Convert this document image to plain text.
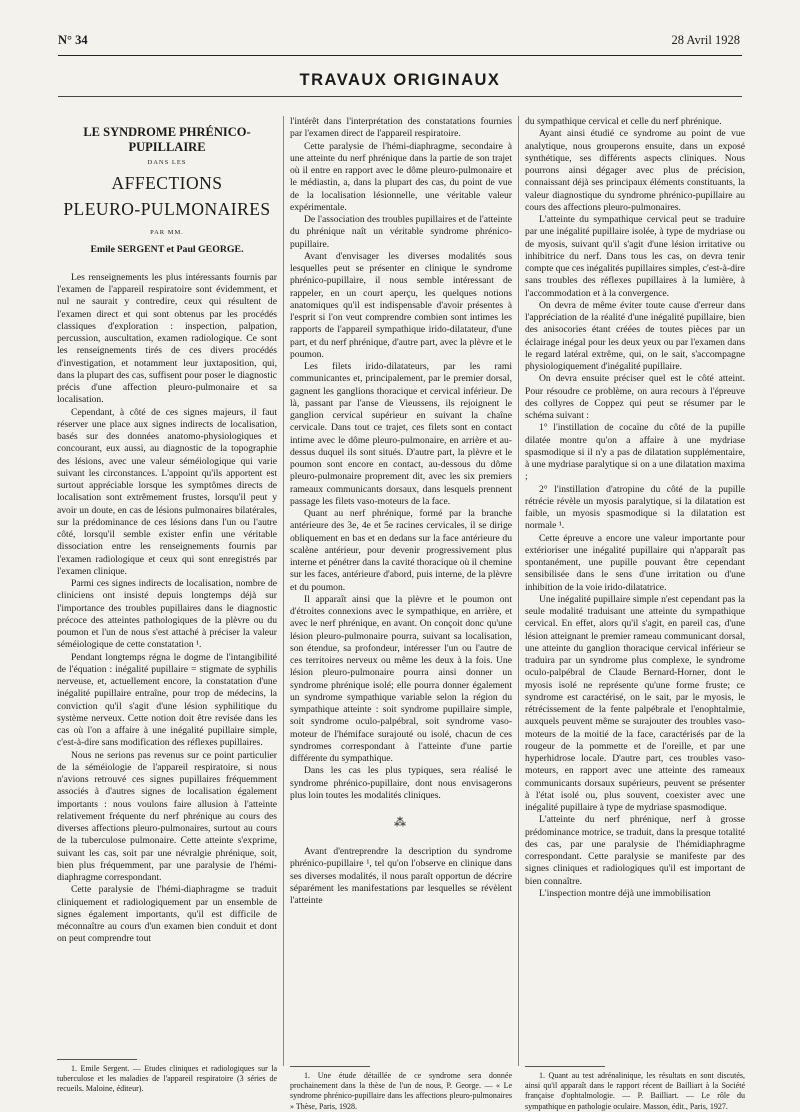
N° 34	28 Avril 1928
TRAVAUX ORIGINAUX
LE SYNDROME PHRÉNICO-PUPILLAIRE
DANS LES
AFFECTIONS
PLEURO-PULMONAIRES
PAR MM.
Emile SERGENT et Paul GEORGE.

Les renseignements les plus intéressants fournis par l'examen de l'appareil respiratoire sont évidemment, et nul ne saurait y contredire, ceux qui résultent de l'examen direct et qui sont obtenus par les procédés classiques d'exploration : inspection, palpation, percussion, auscultation, examen radiologique. Ce sont les renseignements tirés de ces divers procédés d'investigation, et notamment leur juxtaposition, qui, dans la plupart des cas, suffisent pour poser le diagnostic précis d'une affection pleuro-pulmonaire et sa localisation.

Cependant, à côté de ces signes majeurs, il faut réserver une place aux signes indirects de localisation, basés sur des données anatomo-physiologiques et concourant, eux aussi, au diagnostic de la topographie des lésions, avec une valeur séméiologique qui varie suivant les circonstances. L'appoint qu'ils apportent est surtout appréciable lorsque les symptômes directs de localisation sont extrêmement frustes, lorsqu'il peut y avoir un doute, en cas de lésions pulmonaires bilatérales, sur la prédominance de ces lésions dans l'un ou l'autre côté, lorsqu'il semble exister enfin une véritable dissociation entre les renseignements fournis par l'examen radiologique et ceux qui sont enregistrés par l'examen clinique.

Parmi ces signes indirects de localisation, nombre de cliniciens ont insisté depuis longtemps déjà sur l'importance des troubles pupillaires dans le diagnostic précoce des atteintes pathologiques de la plèvre ou du poumon et l'un de nous s'est attaché à préciser la valeur séméiologique de cette constatation ¹.

Pendant longtemps régna le dogme de l'intangibilité de l'équation : inégalité pupillaire = stigmate de syphilis nerveuse, et, actuellement encore, la constatation d'une inégalité pupillaire entraîne, pour trop de médecins, la conviction qu'il s'agit d'une lésion syphilitique du système nerveux. Cette notion doit être revisée dans les cas où l'on a affaire à une inégalité pupillaire simple, c'est-à-dire sans modification des réflexes pupillaires.

Nous ne serions pas revenus sur ce point particulier de la séméiologie de l'appareil respiratoire, si nous n'avions retrouvé ces signes pupillaires fréquemment associés à d'autres signes de localisation également importants : nous voulons faire allusion à l'atteinte relativement fréquente du nerf phrénique au cours des diverses affections pleuro-pulmonaires, surtout au cours de la tuberculose pulmonaire. Cette atteinte s'exprime, suivant les cas, soit par une névralgie phrénique, soit, bien plus fréquemment, par une paralysie de l'hémi-diaphragme correspondant.

Cette paralysie de l'hémi-diaphragme se traduit cliniquement et radiologiquement par un ensemble de signes également importants, qu'il est difficile de méconnaître au cours d'un examen bien conduit et dont on peut comprendre tout

1. Emile Sergent. — Etudes cliniques et radiologiques sur la tuberculose et les maladies de l'appareil respiratoire (3 séries de recueils. Maloine, éditeur).

l'intérêt dans l'interprétation des constatations fournies par l'examen direct de l'appareil respiratoire.

Cette paralysie de l'hémi-diaphragme, secondaire à une atteinte du nerf phrénique dans la partie de son trajet où il entre en rapport avec le dôme pleuro-pulmonaire et le médiastin, a, dans la plupart des cas, du point de vue de la localisation lésionnelle, une véritable valeur expérimentale.

De l'association des troubles pupillaires et de l'atteinte du phrénique naît un véritable syndrome phrénico-pupillaire.

Avant d'envisager les diverses modalités sous lesquelles peut se présenter en clinique le syndrome phrénico-pupillaire, il nous semble intéressant de rappeler, en un court aperçu, les quelques notions anatomiques qu'il est indispensable d'avoir présentes à l'esprit si l'on veut comprendre combien sont intimes les rapports de l'appareil sympathique irido-dilatateur, d'une part, et du nerf phrénique, d'autre part, avec la plèvre et le poumon.

Les filets irido-dilatateurs, par les rami communicantes et, principalement, par le premier dorsal, gagnent les ganglions thoracique et cervical inférieur. De là, passant par l'anse de Vieussens, ils rejoignent le ganglion cervical supérieur en suivant la chaîne cervicale. Dans tout ce trajet, ces filets sont en contact intime avec le dôme pleuro-pulmonaire, en arrière et au-dessus duquel ils sont situés. D'autre part, la plèvre et le poumon sont encore en contact, au-dessous du dôme pleuro-pulmonaire proprement dit, avec les six premiers rameaux communicants dorsaux, dans lesquels prennent passage les filets vaso-moteurs de la face.

Quant au nerf phrénique, formé par la branche antérieure des 3e, 4e et 5e racines cervicales, il se dirige obliquement en bas et en dedans sur la face antérieure du scalène antérieur, pour devenir progressivement plus interne et pénétrer dans la cavité thoracique où il chemine sur les faces, antérieure d'abord, puis interne, de la plèvre et du poumon.

Il apparaît ainsi que la plèvre et le poumon ont d'étroites connexions avec le sympathique, en arrière, et avec le nerf phrénique, en avant. On conçoit donc qu'une lésion pleuro-pulmonaire pourra, suivant sa localisation, son étendue, sa profondeur, intéresser l'un ou l'autre de ces territoires nerveux ou même les deux à la fois. Une lésion pleuro-pulmonaire pourra ainsi donner un syndrome phrénique isolé; elle pourra donner également un syndrome sympathique variable selon la région du sympathique atteinte : soit syndrome pupillaire simple, soit syndrome oculo-palpébral, soit syndrome vaso-moteur de l'hémiface surajouté ou isolé, chacun de ces syndromes correspondant à l'atteinte d'une partie différente du sympathique.

Dans les cas les plus typiques, sera réalisé le syndrome phrénico-pupillaire, dont nous envisagerons plus loin toutes les modalités cliniques.

⁂

Avant d'entreprendre la description du syndrome phrénico-pupillaire ¹, tel qu'on l'observe en clinique dans ses diverses modalités, il nous paraît opportun de décrire séparément les manifestations par lesquelles se révèlent l'atteinte

1. Une étude détaillée de ce syndrome sera donnée prochainement dans la thèse de l'un de nous, P. George. — « Le syndrome phrénico-pupillaire dans les affections pleuro-pulmonaires » Thèse, Paris, 1928.

du sympathique cervical et celle du nerf phrénique.

Ayant ainsi étudié ce syndrome au point de vue analytique, nous grouperons ensuite, dans un exposé synthétique, ses différents aspects cliniques. Nous pourrons ainsi dégager avec plus de précision, connaissant déjà ses principaux éléments constituants, la valeur diagnostique du syndrome phrénico-pupillaire au cours des affections pleuro-pulmonaires.

L'atteinte du sympathique cervical peut se traduire par une inégalité pupillaire isolée, à type de mydriase ou de myosis, suivant qu'il s'agit d'une lésion irritative ou inhibitrice du nerf. Dans tous les cas, on devra tenir compte que ces inégalités pupillaires simples, c'est-à-dire sans troubles des réflexes pupillaires à la lumière, à l'accommodation et à la convergence.

On devra de même éviter toute cause d'erreur dans l'appréciation de la réalité d'une inégalité pupillaire, bien des anisocories étant créées de toutes pièces par un éclairage inégal pour les deux yeux ou par l'examen dans le regard latéral extrême, qui, on le sait, s'accompagne physiologiquement d'inégalité pupillaire.

On devra ensuite préciser quel est le côté atteint. Pour résoudre ce problème, on aura recours à l'épreuve des collyres de Coppez qui peut se résumer par le schéma suivant :

1° l'instillation de cocaïne du côté de la pupille dilatée montre qu'on a affaire à une mydriase spasmodique si il n'y a pas de dilatation supplémentaire, à une mydriase paralytique si on a une dilatation maxima ;

2° l'instillation d'atropine du côté de la pupille rétrécie révèle un myosis paralytique, si la dilatation est faible, un myosis spasmodique si la dilatation est normale ¹.

Cette épreuve a encore une valeur importante pour extérioriser une inégalité pupillaire qui n'apparaît pas spontanément, une pupille pouvant être cependant sensibilisée dans le sens d'une irritation ou d'une inhibition de la voie irido-dilatatrice.

Une inégalité pupillaire simple n'est cependant pas la seule modalité traduisant une atteinte du sympathique cervical. En effet, alors qu'il s'agit, en pareil cas, d'une lésion atteignant le premier rameau communicant dorsal, une atteinte du ganglion thoracique cervical inférieur se traduira par un syndrome plus complexe, le syndrome oculo-palpébral de Claude Bernard-Horner, dont le myosis isolé ne représente qu'une forme fruste; ce syndrome est caractérisé, on le sait, par le myosis, le rétrécissement de la fente palpébrale et l'enophtalmie, auxquels peuvent même se surajouter des troubles vaso-moteurs de la moitié de la face, caractérisés par de la rougeur de la pommette et de l'oreille, et par une hyperhidrose locale. D'autre part, ces troubles vaso-moteurs, en rapport avec une atteinte des rameaux communicants dorsaux supérieurs, peuvent se présenter à l'état isolé ou, plus souvent, coexister avec une inégalité pupillaire à type de mydriase spasmodique.

L'atteinte du nerf phrénique, nerf à grosse prédominance motrice, se traduit, dans la presque totalité des cas, par une paralysie de l'hémidiaphragme correspondant. Cette paralysie se manifeste par des signes cliniques et radiologiques qu'il est important de bien connaître.

L'inspection montre déjà une immobilisation

1. Quant au test adrénalinique, les résultats en sont discutés, ainsi qu'il apparaît dans le rapport récent de Bailliart à la Société française d'ophtalmologie. — P. Bailliart. — Le rôle du sympathique en pathologie oculaire. Masson, édit., Paris, 1927.
